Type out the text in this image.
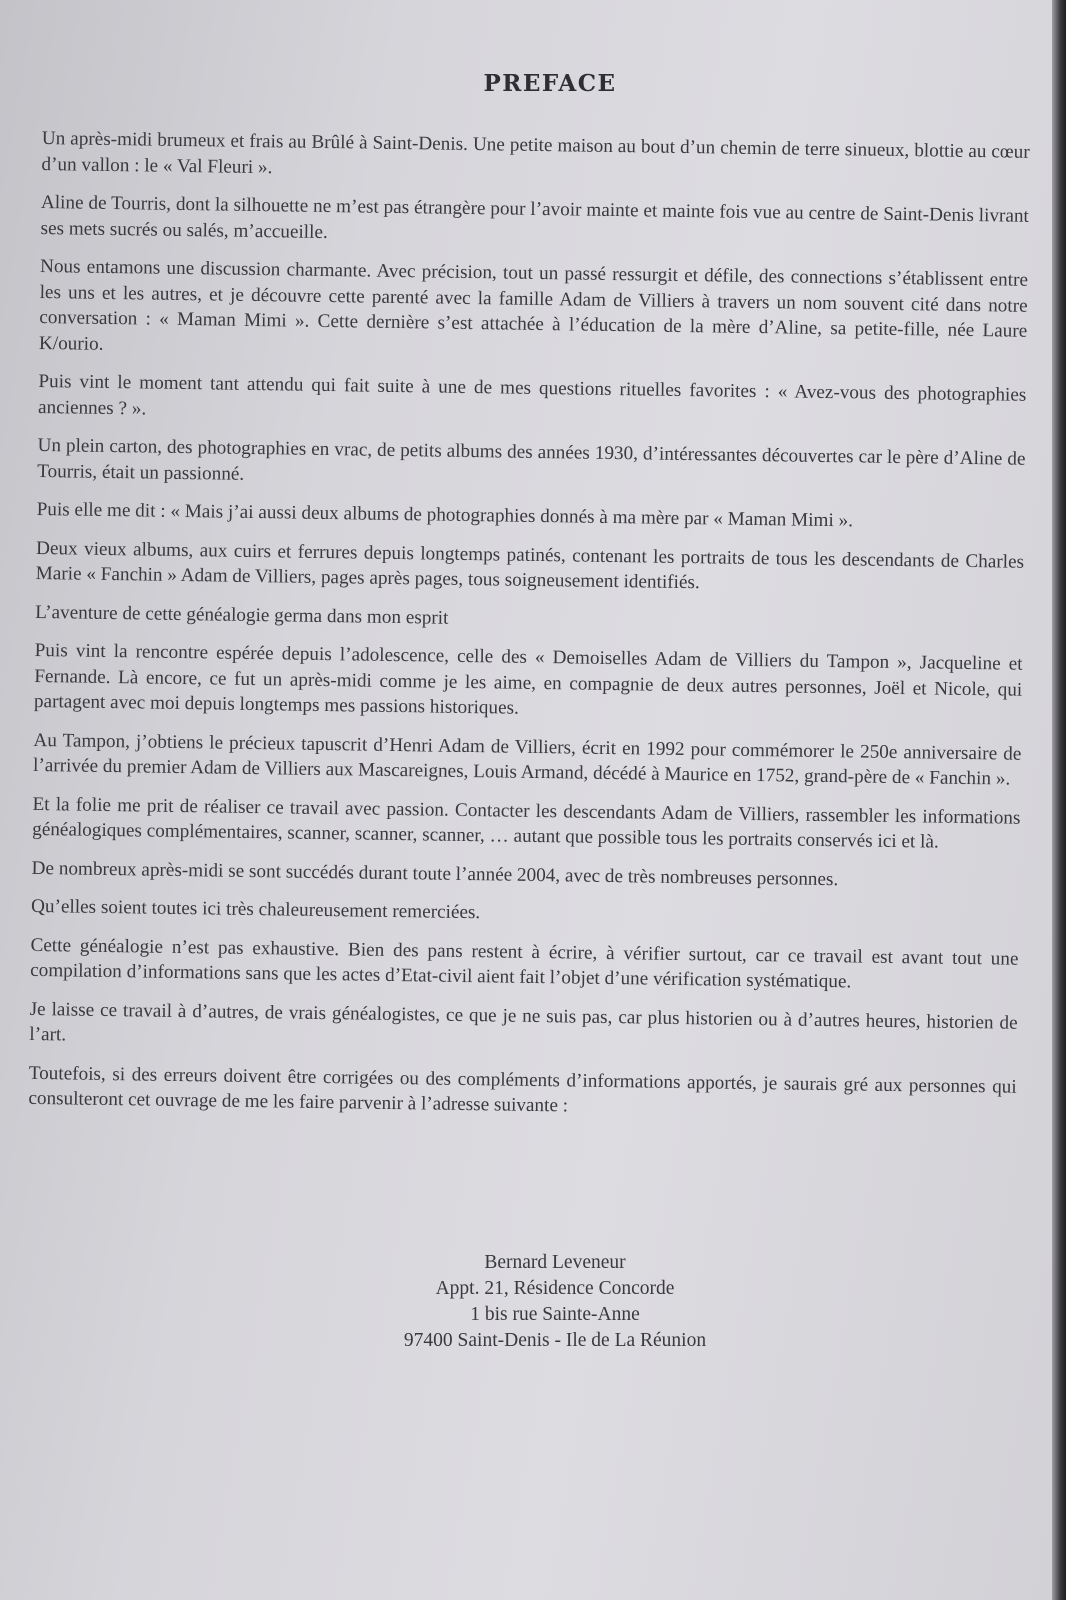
PREFACE

Un après-midi brumeux et frais au Brûlé à Saint-Denis. Une petite maison au bout d’un chemin de terre sinueux, blottie au cœur d’un vallon : le « Val Fleuri ».

Aline de Tourris, dont la silhouette ne m’est pas étrangère pour l’avoir mainte et mainte fois vue au centre de Saint-Denis livrant ses mets sucrés ou salés, m’accueille.

Nous entamons une discussion charmante. Avec précision, tout un passé ressurgit et défile, des connections s’établissent entre les uns et les autres, et je découvre cette parenté avec la famille Adam de Villiers à travers un nom souvent cité dans notre conversation : « Maman Mimi ». Cette dernière s’est attachée à l’éducation de la mère d’Aline, sa petite-fille, née Laure K/ourio.

Puis vint le moment tant attendu qui fait suite à une de mes questions rituelles favorites : « Avez-vous des photographies anciennes ? ».

Un plein carton, des photographies en vrac, de petits albums des années 1930, d’intéressantes découvertes car le père d’Aline de Tourris, était un passionné.

Puis elle me dit : « Mais j’ai aussi deux albums de photographies donnés à ma mère par « Maman Mimi ».

Deux vieux albums, aux cuirs et ferrures depuis longtemps patinés, contenant les portraits de tous les descendants de Charles Marie « Fanchin » Adam de Villiers, pages après pages, tous soigneusement identifiés.

L’aventure de cette généalogie germa dans mon esprit

Puis vint la rencontre espérée depuis l’adolescence, celle des « Demoiselles Adam de Villiers du Tampon », Jacqueline et Fernande. Là encore, ce fut un après-midi comme je les aime, en compagnie de deux autres personnes, Joël et Nicole, qui partagent avec moi depuis longtemps mes passions historiques.

Au Tampon, j’obtiens le précieux tapuscrit d’Henri Adam de Villiers, écrit en 1992 pour commémorer le 250e anniversaire de l’arrivée du premier Adam de Villiers aux Mascareignes, Louis Armand, décédé à Maurice en 1752, grand-père de « Fanchin ».

Et la folie me prit de réaliser ce travail avec passion. Contacter les descendants Adam de Villiers, rassembler les informations généalogiques complémentaires, scanner, scanner, scanner, … autant que possible tous les portraits conservés ici et là.

De nombreux après-midi se sont succédés durant toute l’année 2004, avec de très nombreuses personnes.

Qu’elles soient toutes ici très chaleureusement remerciées.

Cette généalogie n’est pas exhaustive. Bien des pans restent à écrire, à vérifier surtout, car ce travail est avant tout une compilation d’informations sans que les actes d’Etat-civil aient fait l’objet d’une vérification systématique.

Je laisse ce travail à d’autres, de vrais généalogistes, ce que je ne suis pas, car plus historien ou à d’autres heures, historien de l’art.

Toutefois, si des erreurs doivent être corrigées ou des compléments d’informations apportés, je saurais gré aux personnes qui consulteront cet ouvrage de me les faire parvenir à l’adresse suivante :

Bernard Leveneur
Appt. 21, Résidence Concorde
1 bis rue Sainte-Anne
97400 Saint-Denis - Ile de La Réunion
